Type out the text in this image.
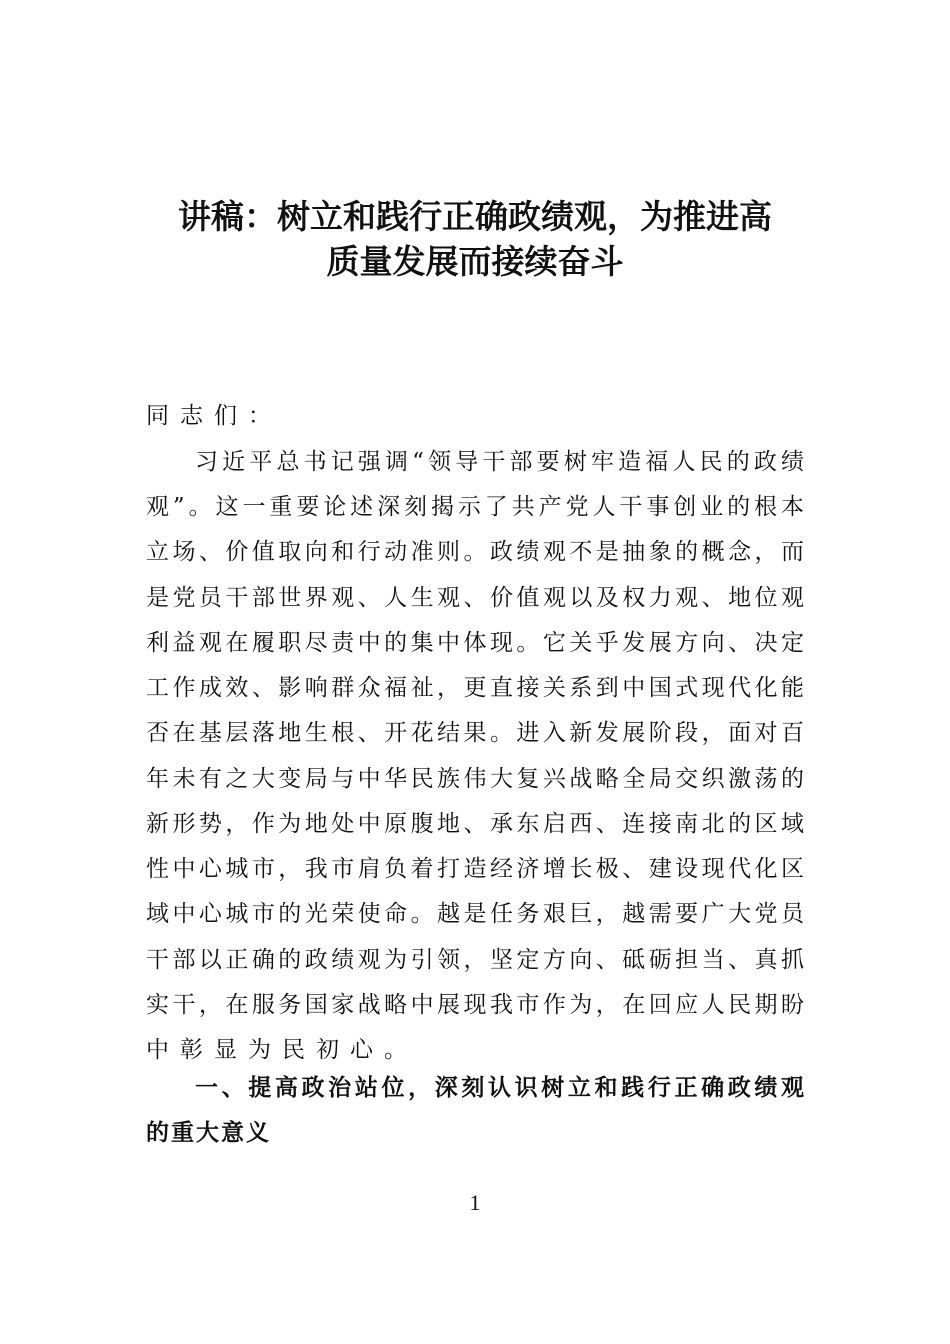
讲稿：树立和践行正确政绩观，为推进高
质量发展而接续奋斗
同志们：
习近平总书记强调“领导干部要树牢造福人民的政绩
观”。这一重要论述深刻揭示了共产党人干事创业的根本
立场、价值取向和行动准则。政绩观不是抽象的概念，而
是党员干部世界观、人生观、价值观以及权力观、地位观
利益观在履职尽责中的集中体现。它关乎发展方向、决定
工作成效、影响群众福祉，更直接关系到中国式现代化能
否在基层落地生根、开花结果。进入新发展阶段，面对百
年未有之大变局与中华民族伟大复兴战略全局交织激荡的
新形势，作为地处中原腹地、承东启西、连接南北的区域
性中心城市，我市肩负着打造经济增长极、建设现代化区
域中心城市的光荣使命。越是任务艰巨，越需要广大党员
干部以正确的政绩观为引领，坚定方向、砥砺担当、真抓
实干，在服务国家战略中展现我市作为，在回应人民期盼
中彰显为民初心。
一、提高政治站位，深刻认识树立和践行正确政绩观
的重大意义
1
